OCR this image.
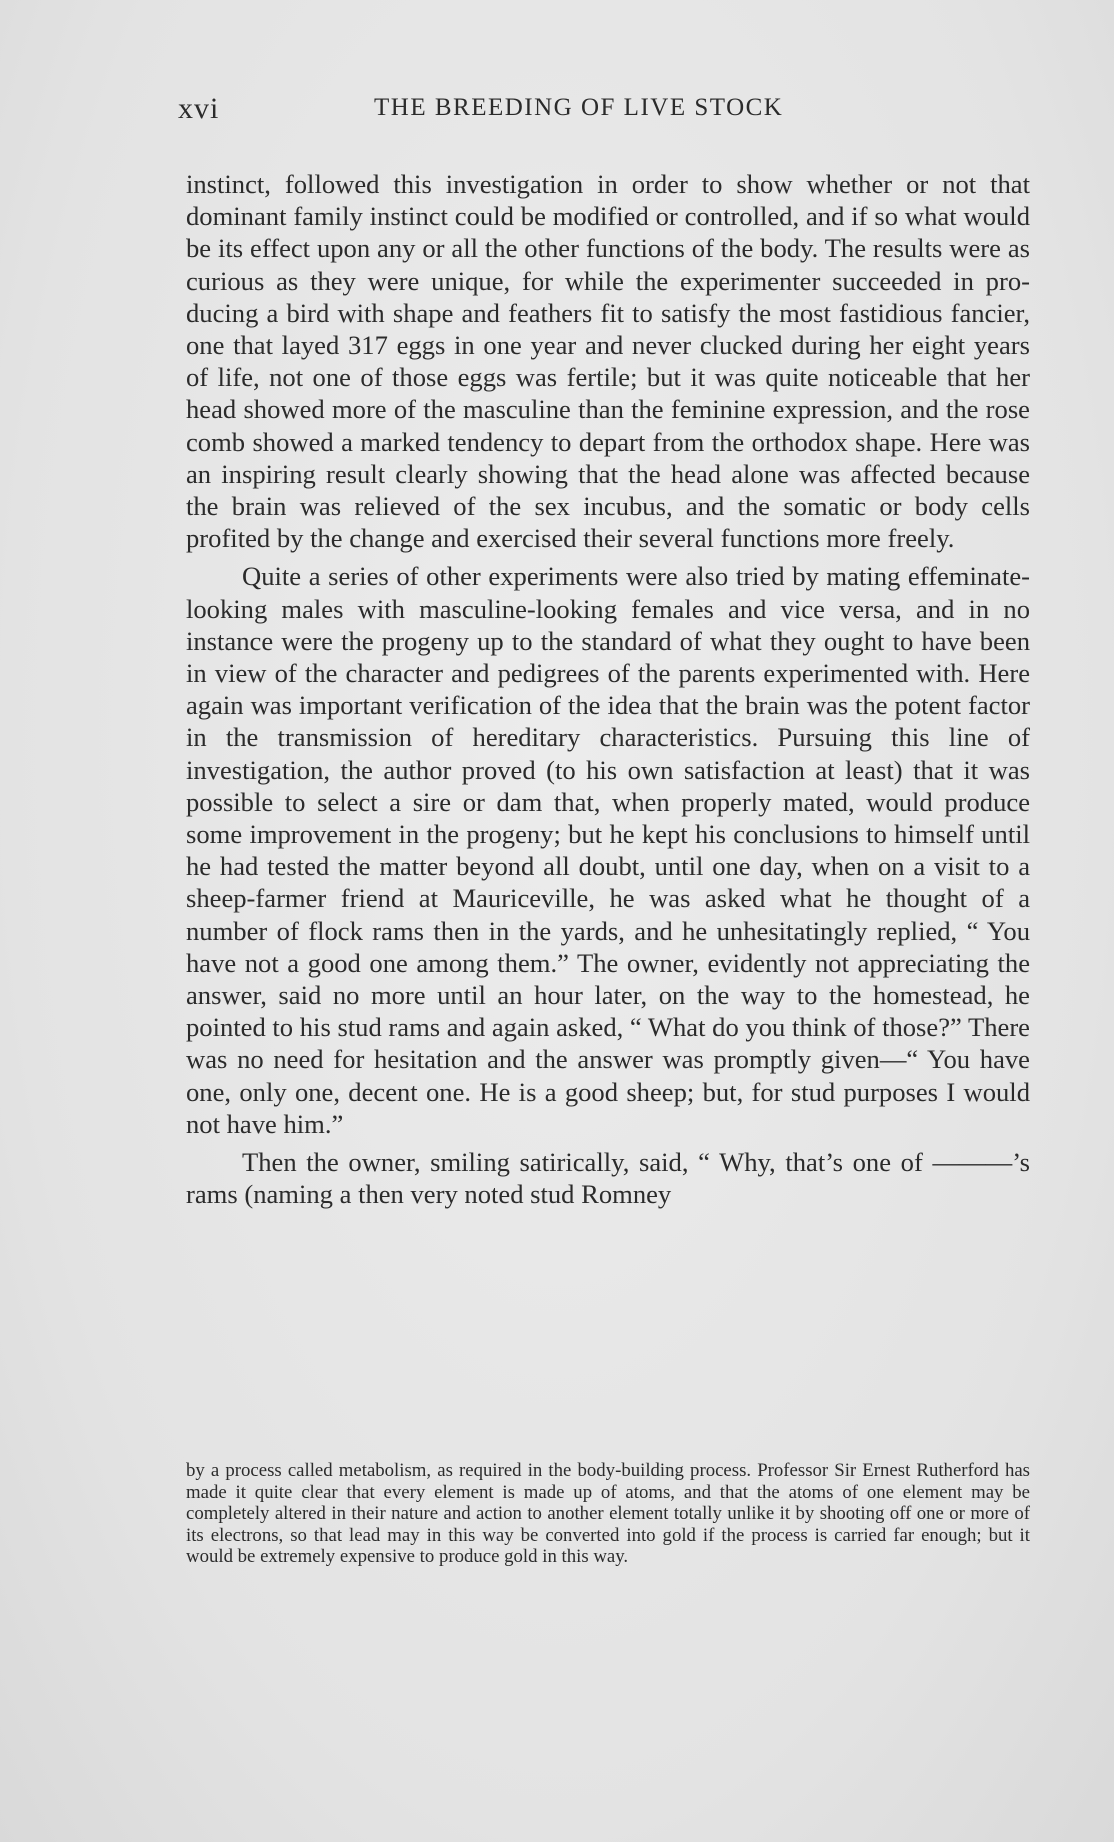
xvi	THE BREEDING OF LIVE STOCK

instinct, followed this investigation in order to show whether or not that dominant family instinct could be modified or controlled, and if so what would be its effect upon any or all the other functions of the body. The results were as curious as they were unique, for while the experimenter succeeded in producing a bird with shape and feathers fit to satisfy the most fastidious fancier, one that layed 317 eggs in one year and never clucked during her eight years of life, not one of those eggs was fertile; but it was quite noticeable that her head showed more of the masculine than the feminine expression, and the rose comb showed a marked tendency to depart from the orthodox shape. Here was an inspiring result clearly showing that the head alone was affected because the brain was relieved of the sex incubus, and the somatic or body cells profited by the change and exercised their several functions more freely.

Quite a series of other experiments were also tried by mating effeminate-looking males with masculine-looking females and vice versa, and in no instance were the progeny up to the standard of what they ought to have been in view of the character and pedigrees of the parents experimented with. Here again was important verification of the idea that the brain was the potent factor in the transmission of hereditary characteristics. Pursuing this line of investigation, the author proved (to his own satisfaction at least) that it was possible to select a sire or dam that, when properly mated, would produce some improvement in the progeny; but he kept his conclusions to himself until he had tested the matter beyond all doubt, until one day, when on a visit to a sheep-farmer friend at Mauriceville, he was asked what he thought of a number of flock rams then in the yards, and he unhesitatingly replied, “ You have not a good one among them.” The owner, evidently not appreciating the answer, said no more until an hour later, on the way to the homestead, he pointed to his stud rams and again asked, “ What do you think of those?” There was no need for hesitation and the answer was promptly given—“ You have one, only one, decent one. He is a good sheep; but, for stud purposes I would not have him.”

Then the owner, smiling satirically, said, “ Why, that’s one of ———’s rams (naming a then very noted stud Romney

by a process called metabolism, as required in the body-building process. Professor Sir Ernest Rutherford has made it quite clear that every element is made up of atoms, and that the atoms of one element may be completely altered in their nature and action to another element totally unlike it by shooting off one or more of its electrons, so that lead may in this way be converted into gold if the process is carried far enough; but it would be extremely expensive to produce gold in this way.
